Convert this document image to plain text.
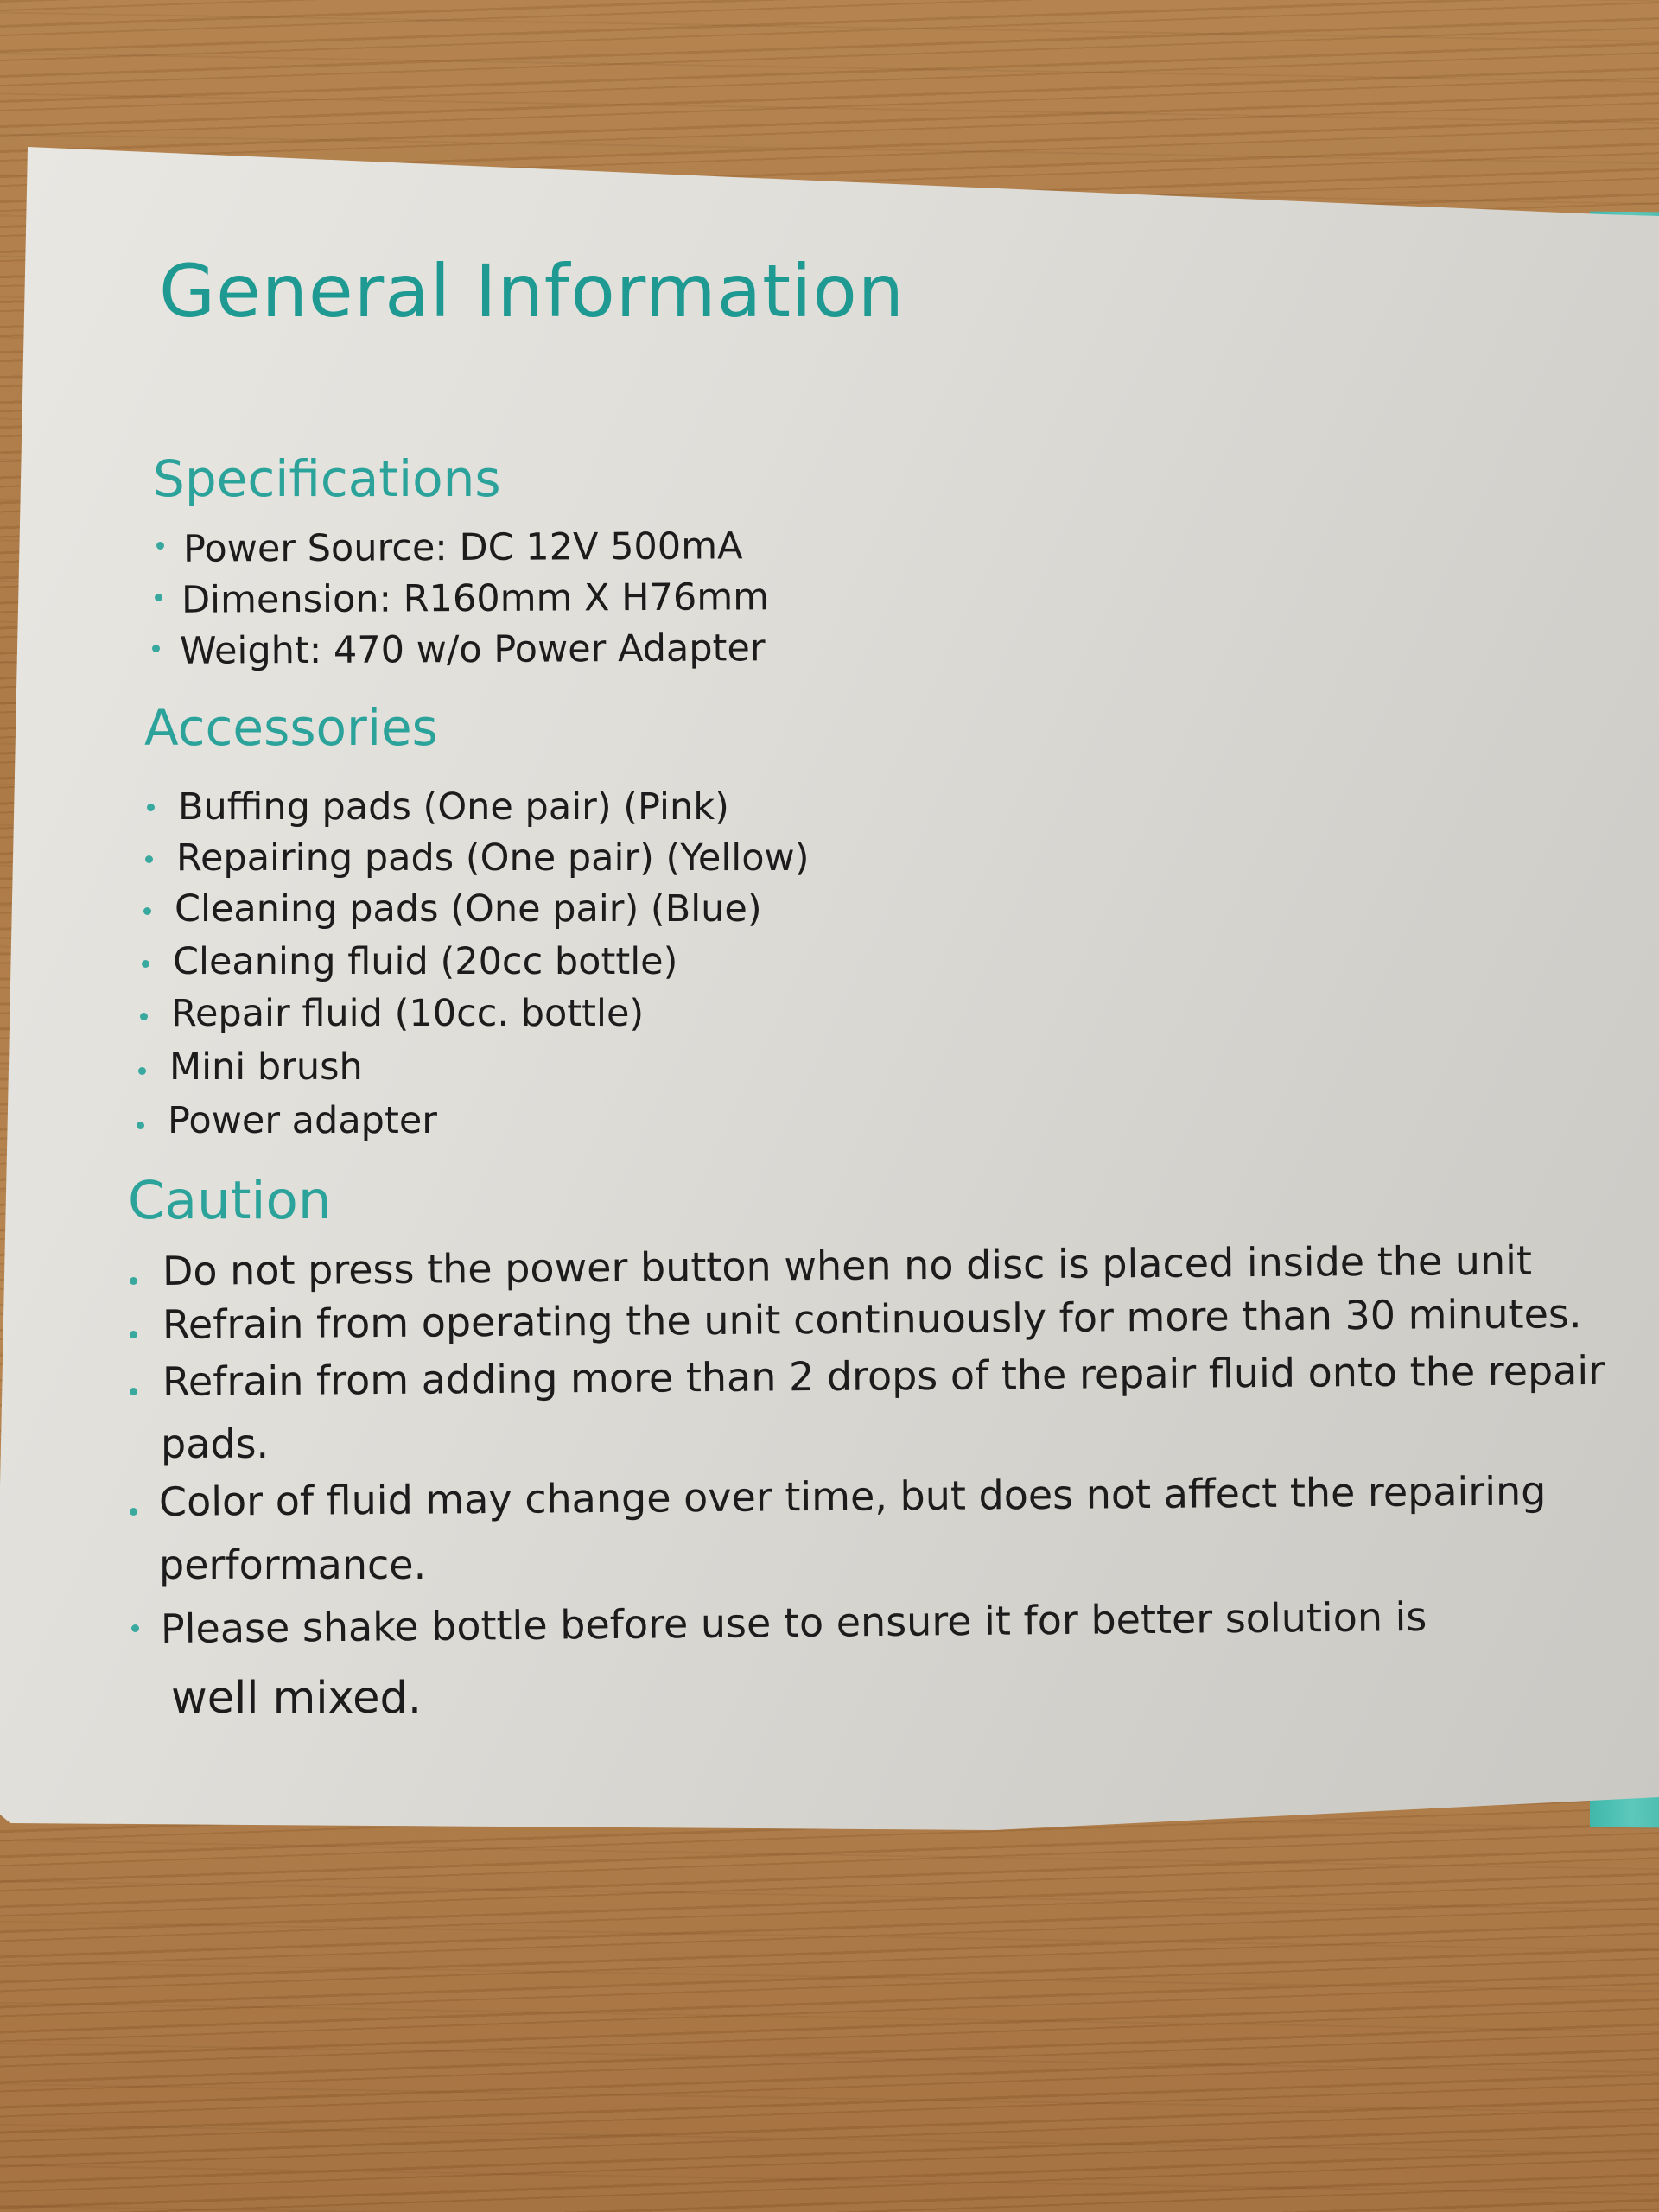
General Information
Specifications
Power Source: DC 12V 500mA
Dimension: R160mm X H76mm
Weight: 470 w/o Power Adapter
Accessories
Buffing pads (One pair) (Pink)
Repairing pads (One pair) (Yellow)
Cleaning pads (One pair) (Blue)
Cleaning fluid (20cc bottle)
Repair fluid (10cc. bottle)
Mini brush
Power adapter
Caution
Do not press the power button when no disc is placed inside the unit
Refrain from operating the unit continuously for more than 30 minutes.
Refrain from adding more than 2 drops of the repair fluid onto the repair
pads.
Color of fluid may change over time, but does not affect the repairing
performance.
Please shake bottle before use to ensure it for better solution is
well mixed.
